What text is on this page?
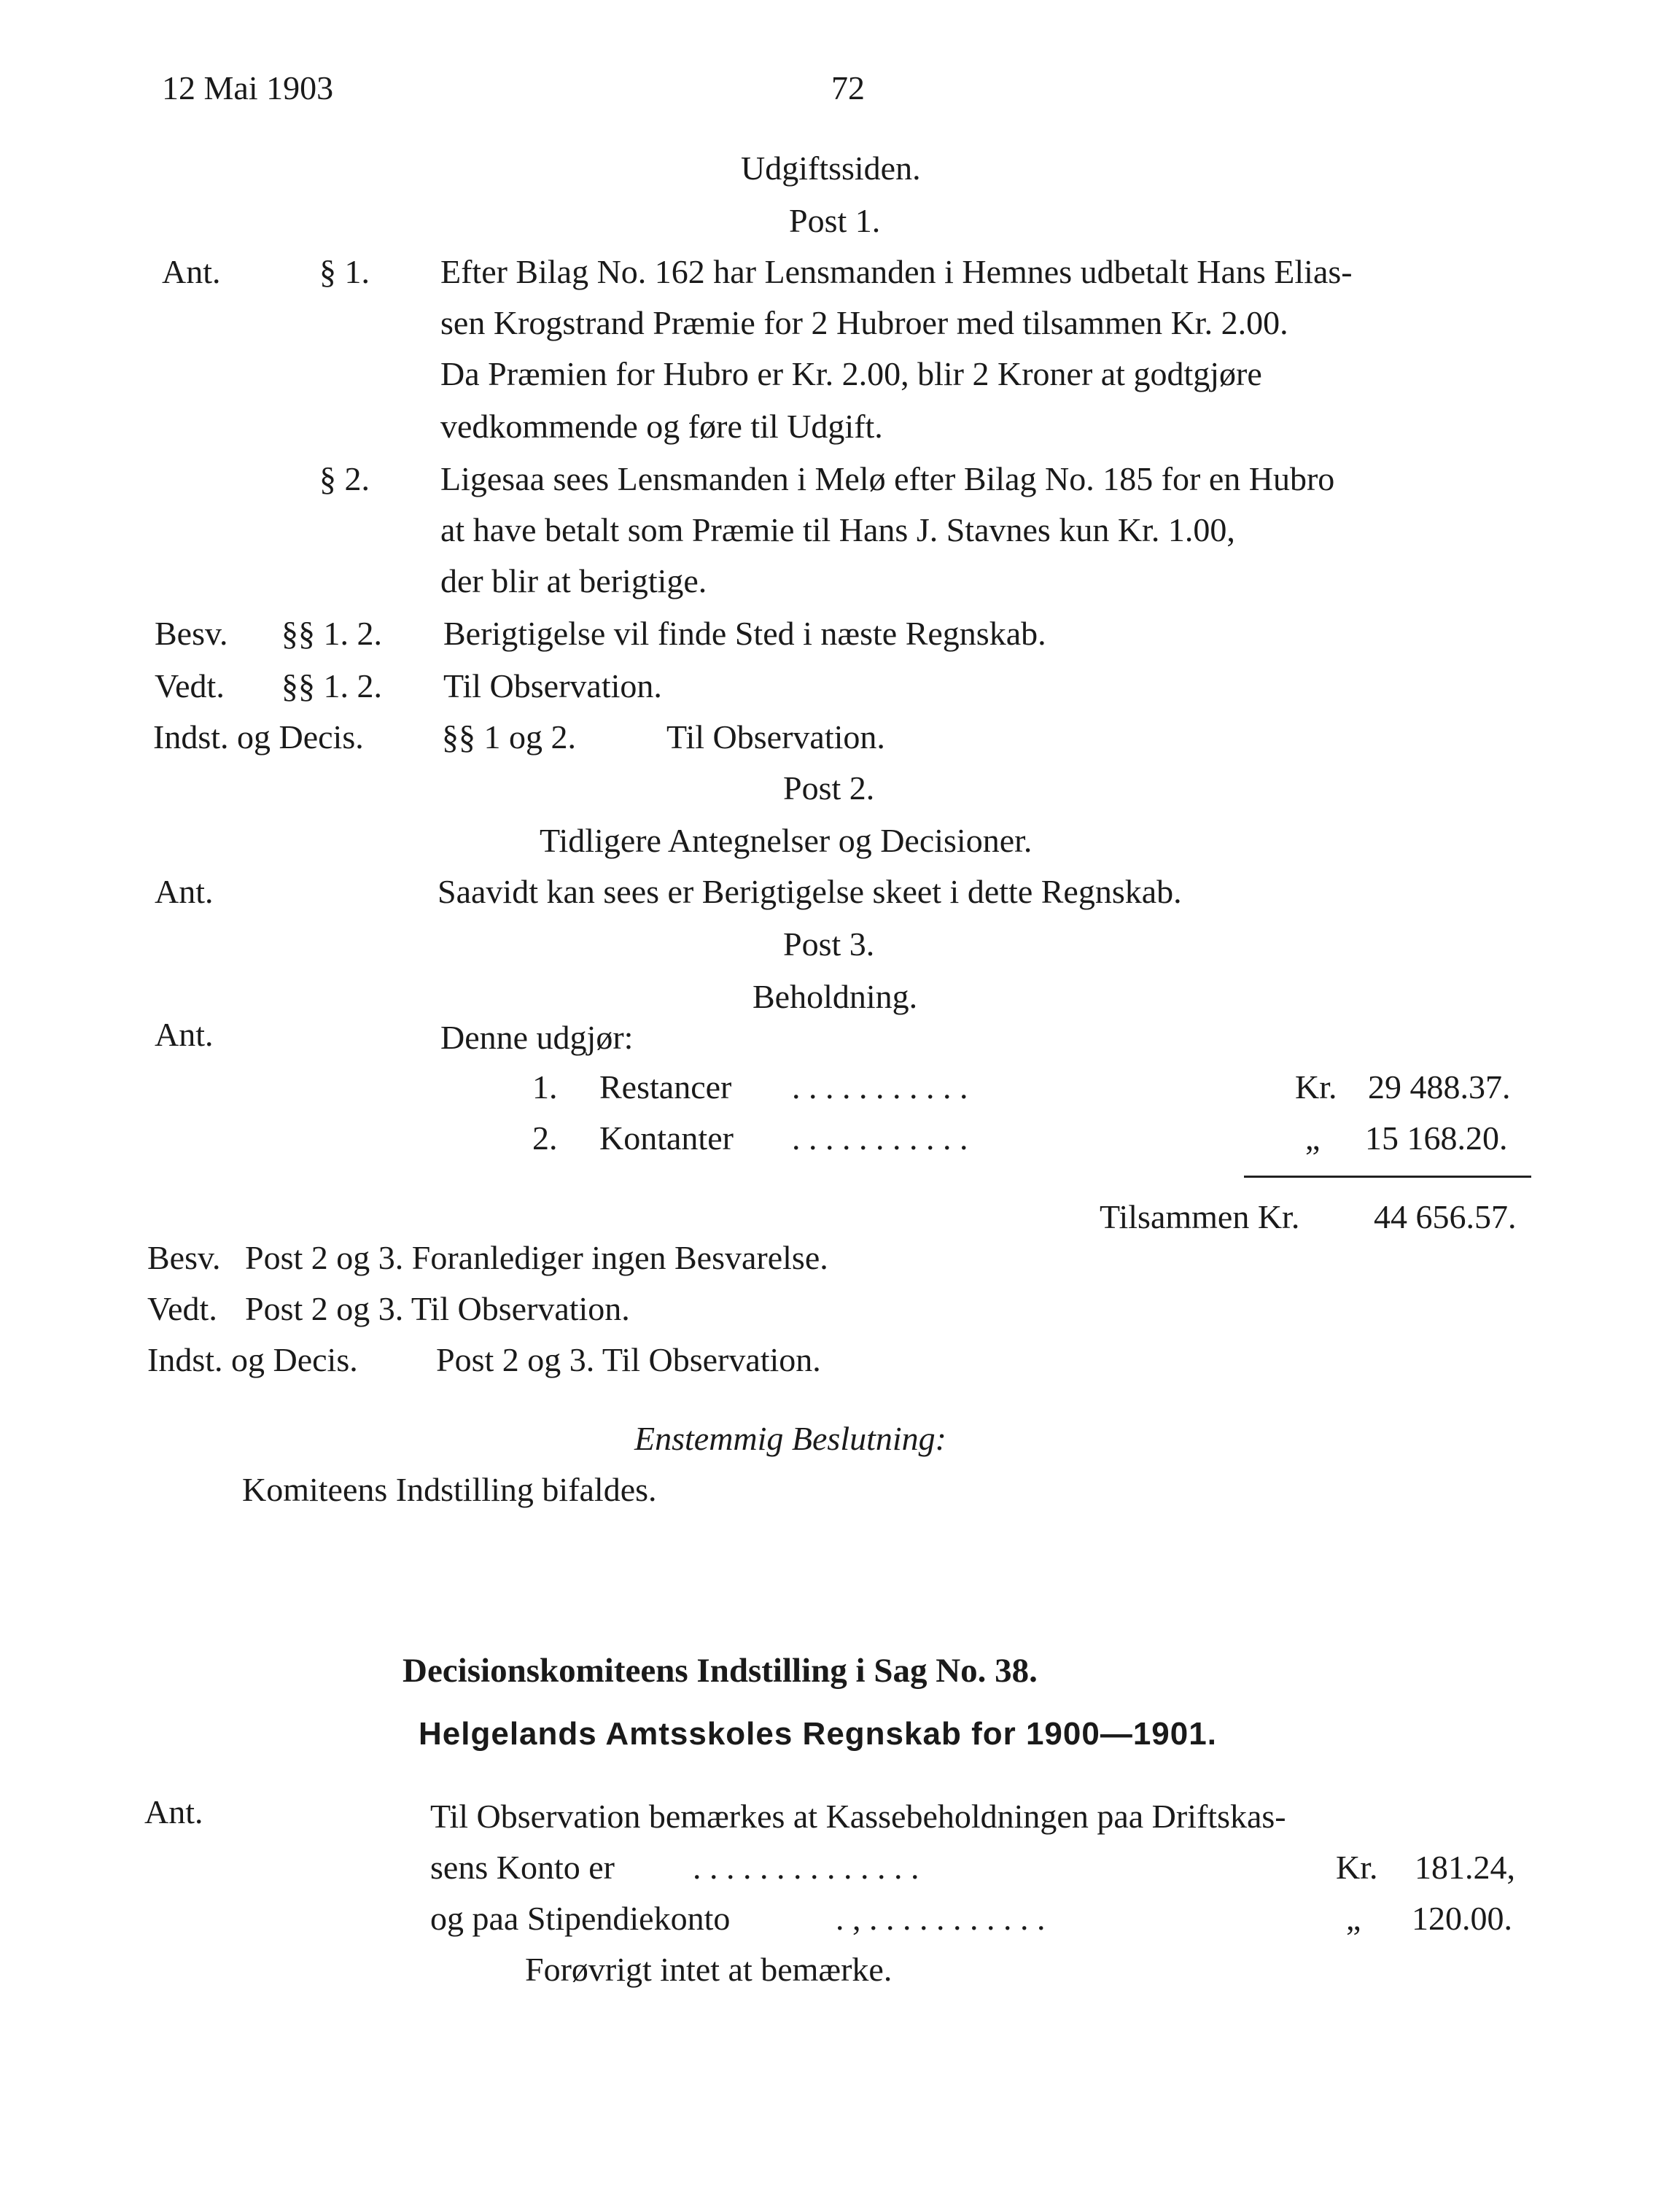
12 Mai 1903	72
Udgiftssiden.
Post 1.
Ant.	§ 1. Efter Bilag No. 162 har Lensmanden i Hemnes udbetalt Hans Elias-
sen Krogstrand Præmie for 2 Hubroer med tilsammen Kr. 2.00.
Da Præmien for Hubro er Kr. 2.00, blir 2 Kroner at godtgjøre
vedkommende og føre til Udgift.
§ 2. Ligesaa sees Lensmanden i Melø efter Bilag No. 185 for en Hubro
at have betalt som Præmie til Hans J. Stavnes kun Kr. 1.00,
der blir at berigtige.
Besv. §§ 1. 2. Berigtigelse vil finde Sted i næste Regnskab.
Vedt. §§ 1. 2. Til Observation.
Indst. og Decis. §§ 1 og 2.	Til Observation.
Post 2.
Tidligere Antegnelser og Decisioner.
Ant.	Saavidt kan sees er Berigtigelse skeet i dette Regnskab.
Post 3.
Beholdning.
Ant.	Denne udgjør:
1. Restancer . . . . . . . . . . .	Kr. 29 488.37.
2. Kontanter . . . . . . . . . . .	„ 15 168.20.
Tilsammen Kr. 44 656.57.
Besv. Post 2 og 3. Foranlediger ingen Besvarelse.
Vedt. Post 2 og 3. Til Observation.
Indst. og Decis. Post 2 og 3. Til Observation.
Enstemmig Beslutning:
Komiteens Indstilling bifaldes.
Decisionskomiteens Indstilling i Sag No. 38.
Helgelands Amtsskoles Regnskab for 1900—1901.
Ant.	Til Observation bemærkes at Kassebeholdningen paa Driftskas-
sens Konto er . . . . . . . . . . . . . .	Kr. 181.24,
og paa Stipendiekonto	. , . . . . . . . . . . .	„ 120.00.
Forøvrigt intet at bemærke.
